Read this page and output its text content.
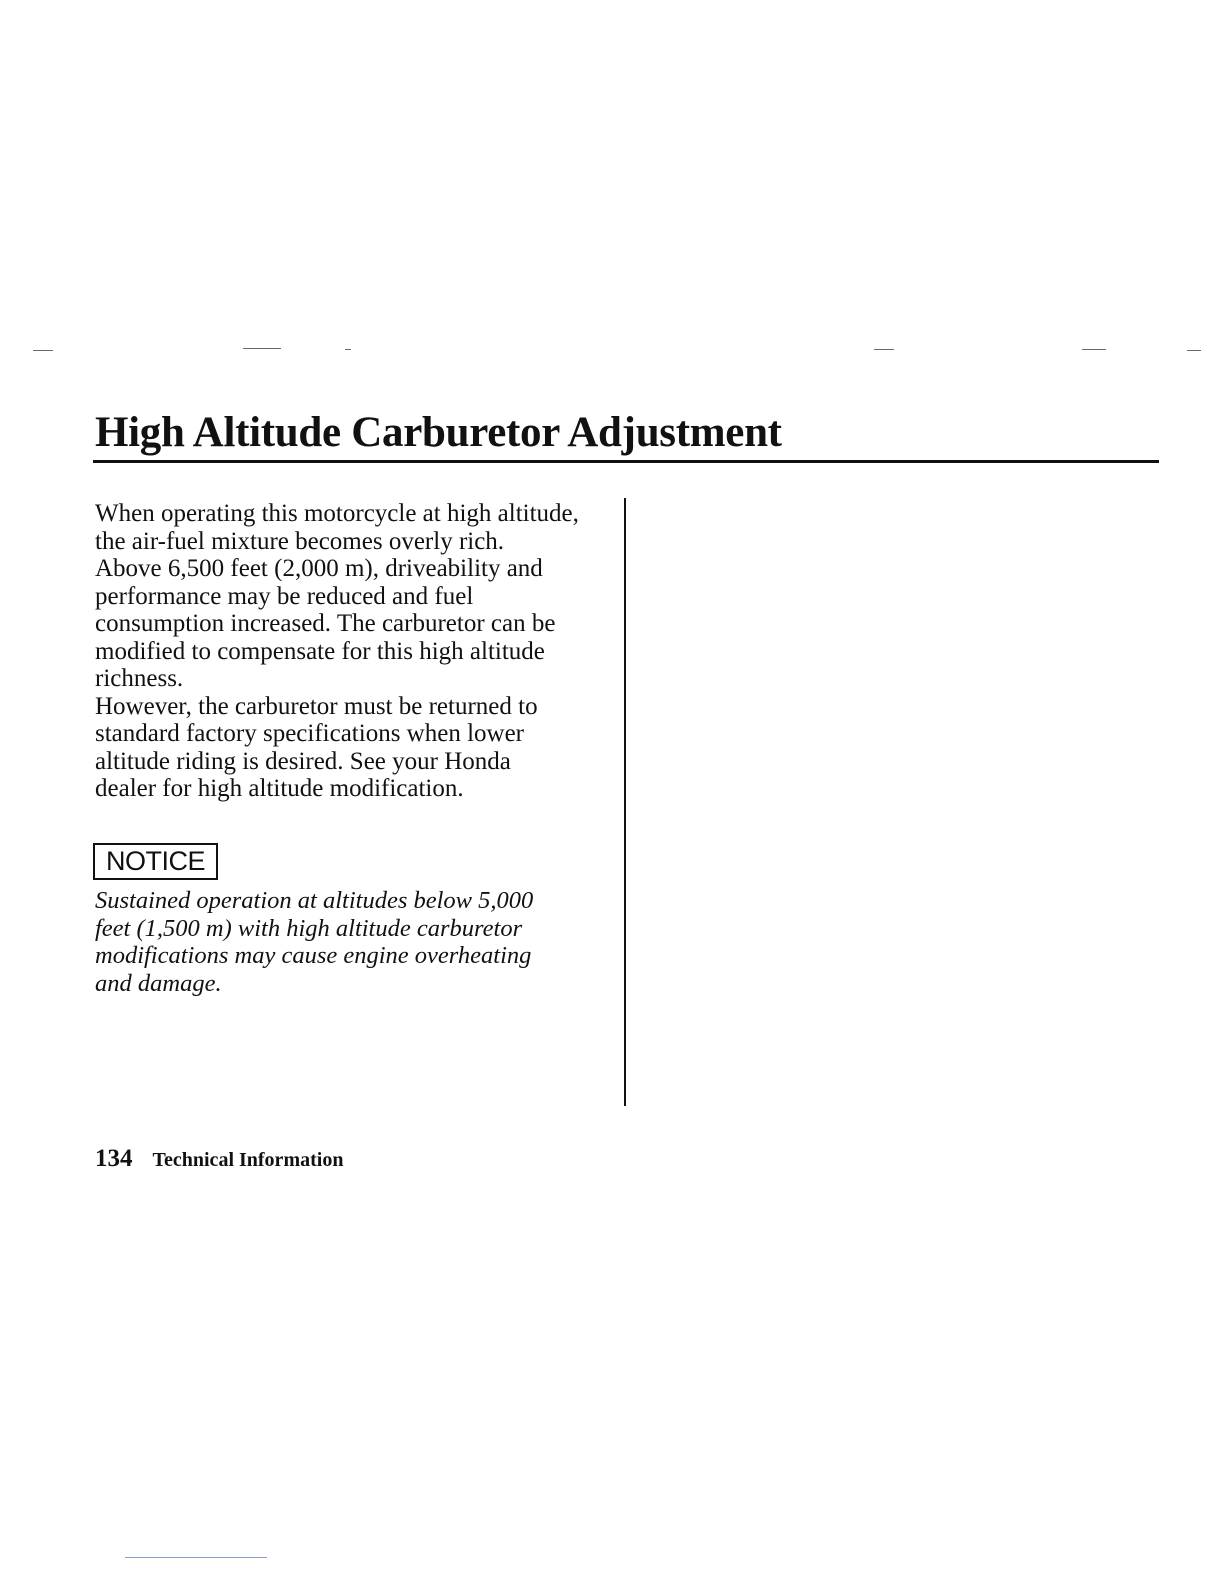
High Altitude Carburetor Adjustment
When operating this motorcycle at high altitude,
the air-fuel mixture becomes overly rich.
Above 6,500 feet (2,000 m), driveability and
performance may be reduced and fuel
consumption increased. The carburetor can be
modified to compensate for this high altitude
richness.
However, the carburetor must be returned to
standard factory specifications when lower
altitude riding is desired. See your Honda
dealer for high altitude modification.
NOTICE
Sustained operation at altitudes below 5,000
feet (1,500 m) with high altitude carburetor
modifications may cause engine overheating
and damage.
134 Technical Information
